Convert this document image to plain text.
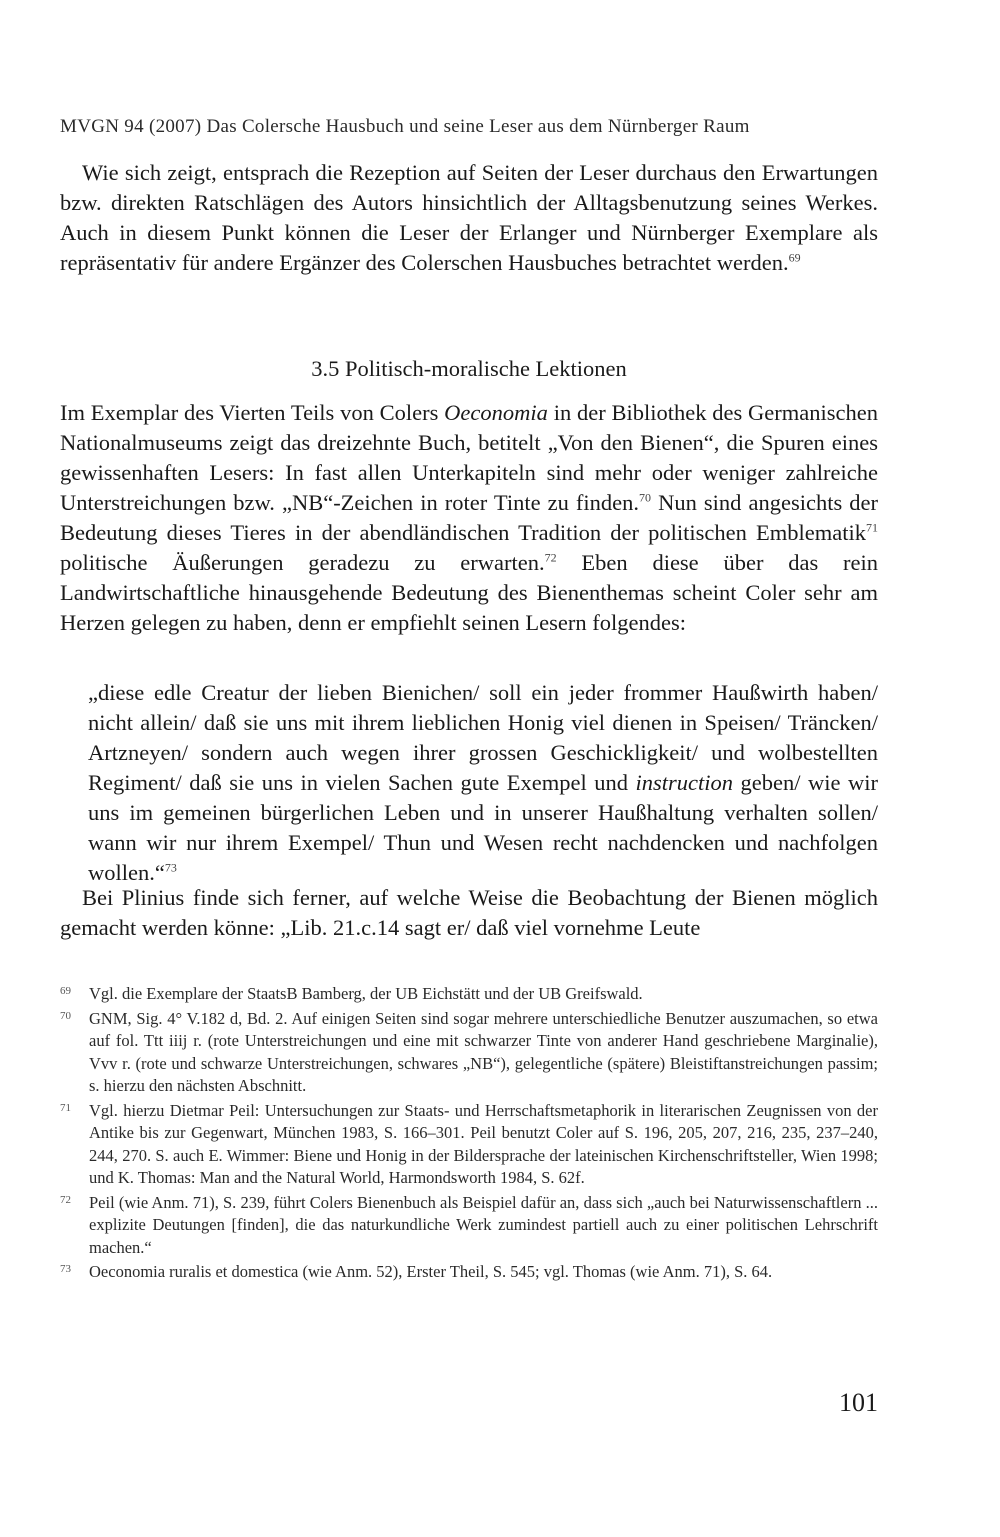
MVGN 94 (2007) Das Colersche Hausbuch und seine Leser aus dem Nürnberger Raum
Wie sich zeigt, entsprach die Rezeption auf Seiten der Leser durchaus den Erwartungen bzw. direkten Ratschlägen des Autors hinsichtlich der Alltagsbenutzung seines Werkes. Auch in diesem Punkt können die Leser der Erlanger und Nürnberger Exemplare als repräsentativ für andere Ergänzer des Colerschen Hausbuches betrachtet werden.$^{69}$
3.5 Politisch-moralische Lektionen
Im Exemplar des Vierten Teils von Colers Oeconomia in der Bibliothek des Germanischen Nationalmuseums zeigt das dreizehnte Buch, betitelt „Von den Bienen“, die Spuren eines gewissenhaften Lesers: In fast allen Unterkapiteln sind mehr oder weniger zahlreiche Unterstreichungen bzw. „NB“-Zeichen in roter Tinte zu finden.$^{70}$ Nun sind angesichts der Bedeutung dieses Tieres in der abendländischen Tradition der politischen Emblematik$^{71}$ politische Äußerungen geradezu zu erwarten.$^{72}$ Eben diese über das rein Landwirtschaftliche hinausgehende Bedeutung des Bienenthemas scheint Coler sehr am Herzen gelegen zu haben, denn er empfiehlt seinen Lesern folgendes:
„diese edle Creatur der lieben Bienichen/ soll ein jeder frommer Haußwirth haben/ nicht allein/ daß sie uns mit ihrem lieblichen Honig viel dienen in Speisen/ Träncken/ Artzneyen/ sondern auch wegen ihrer grossen Geschickligkeit/ und wolbestellten Regiment/ daß sie uns in vielen Sachen gute Exempel und instruction geben/ wie wir uns im gemeinen bürgerlichen Leben und in unserer Haußhaltung verhalten sollen/ wann wir nur ihrem Exempel/ Thun und Wesen recht nachdencken und nachfolgen wollen.“$^{73}$
Bei Plinius finde sich ferner, auf welche Weise die Beobachtung der Bienen möglich gemacht werden könne: „Lib. 21.c.14 sagt er/ daß viel vornehme Leute
69 Vgl. die Exemplare der StaatsB Bamberg, der UB Eichstätt und der UB Greifswald.
70 GNM, Sig. 4° V.182 d, Bd. 2. Auf einigen Seiten sind sogar mehrere unterschiedliche Benutzer auszumachen, so etwa auf fol. Ttt iiij r. (rote Unterstreichungen und eine mit schwarzer Tinte von anderer Hand geschriebene Marginalie), Vvv r. (rote und schwarze Unterstreichungen, schwares „NB“), gelegentliche (spätere) Bleistiftanstreichungen passim; s. hierzu den nächsten Abschnitt.
71 Vgl. hierzu Dietmar Peil: Untersuchungen zur Staats- und Herrschaftsmetaphorik in literarischen Zeugnissen von der Antike bis zur Gegenwart, München 1983, S. 166–301. Peil benutzt Coler auf S. 196, 205, 207, 216, 235, 237–240, 244, 270. S. auch E. Wimmer: Biene und Honig in der Bildersprache der lateinischen Kirchenschriftsteller, Wien 1998; und K. Thomas: Man and the Natural World, Harmondsworth 1984, S. 62f.
72 Peil (wie Anm. 71), S. 239, führt Colers Bienenbuch als Beispiel dafür an, dass sich „auch bei Naturwissenschaftlern ... explizite Deutungen [finden], die das naturkundliche Werk zumindest partiell auch zu einer politischen Lehrschrift machen.“
73 Oeconomia ruralis et domestica (wie Anm. 52), Erster Theil, S. 545; vgl. Thomas (wie Anm. 71), S. 64.
101
